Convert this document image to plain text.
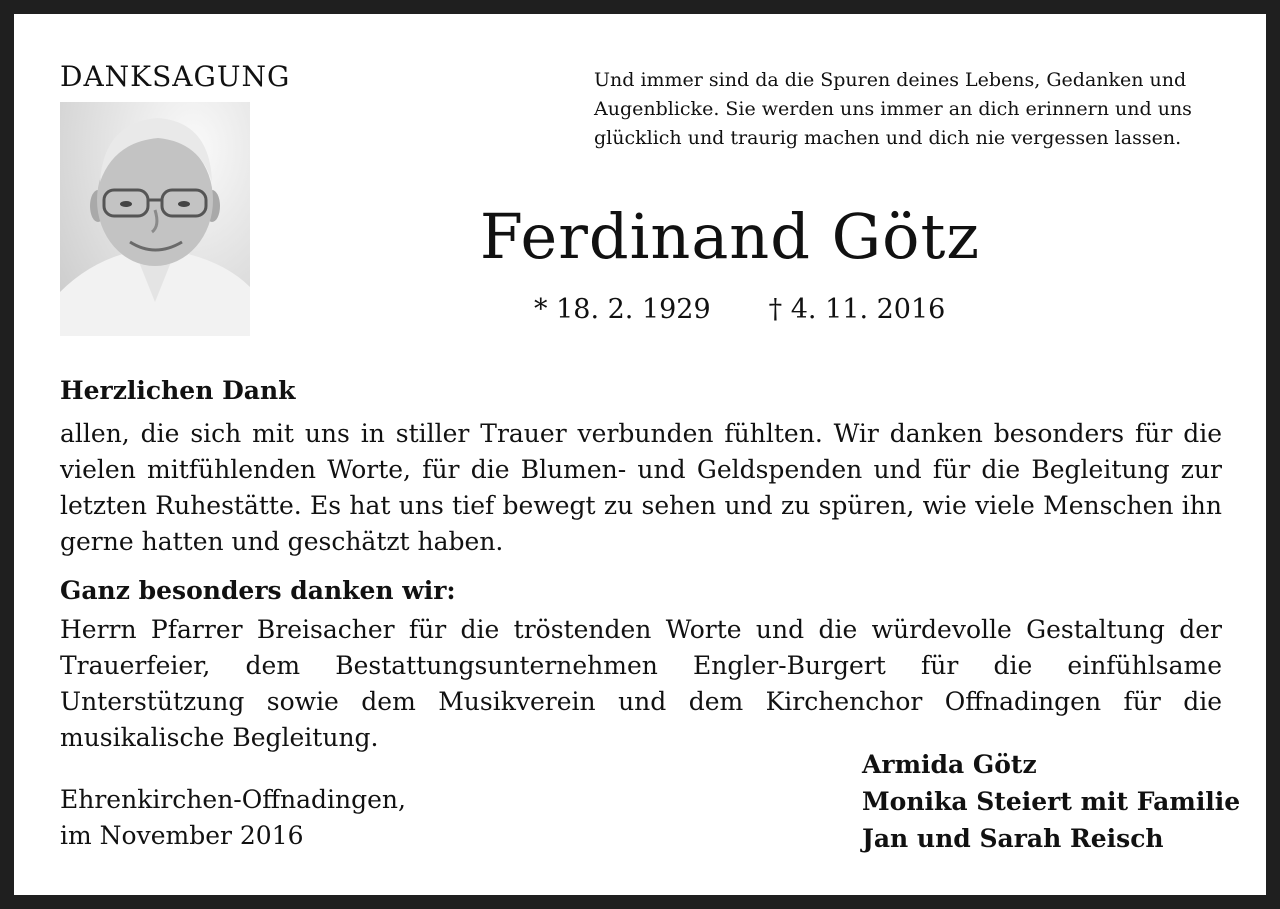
DANKSAGUNG	Und immer sind da die Spuren deines Lebens, Gedanken und Augenblicke. Sie werden uns immer an dich erinnern und uns glücklich und traurig machen und dich nie vergessen lassen.

Ferdinand Götz
* 18. 2. 1929 † 4. 11. 2016
Herzlichen Dank

allen, die sich mit uns in stiller Trauer verbunden fühlten. Wir danken besonders für die vielen mitfühlenden Worte, für die Blumen- und Geldspenden und für die Begleitung zur letzten Ruhestätte. Es hat uns tief bewegt zu sehen und zu spüren, wie viele Menschen ihn gerne hatten und geschätzt haben.

Ganz besonders danken wir:

Herrn Pfarrer Breisacher für die tröstenden Worte und die würdevolle Gestaltung der Trauerfeier, dem Bestattungsunternehmen Engler-Burgert für die einfühlsame Unterstützung sowie dem Musikverein und dem Kirchenchor Offnadingen für die musikalische Begleitung.

Ehrenkirchen-Offnadingen,
im November 2016
Armida Götz
Monika Steiert mit Familie
Jan und Sarah Reisch
